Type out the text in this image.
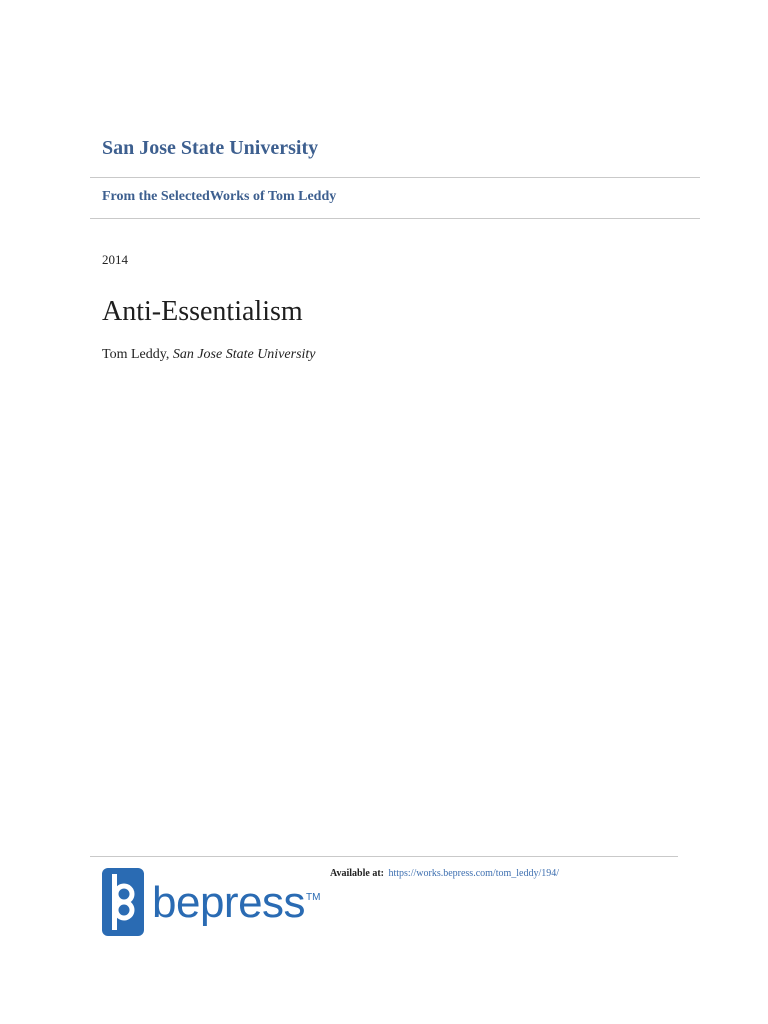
San Jose State University
From the SelectedWorks of Tom Leddy
2014
Anti-Essentialism
Tom Leddy, San Jose State University
bepress TM
Available at: https://works.bepress.com/tom_leddy/194/
